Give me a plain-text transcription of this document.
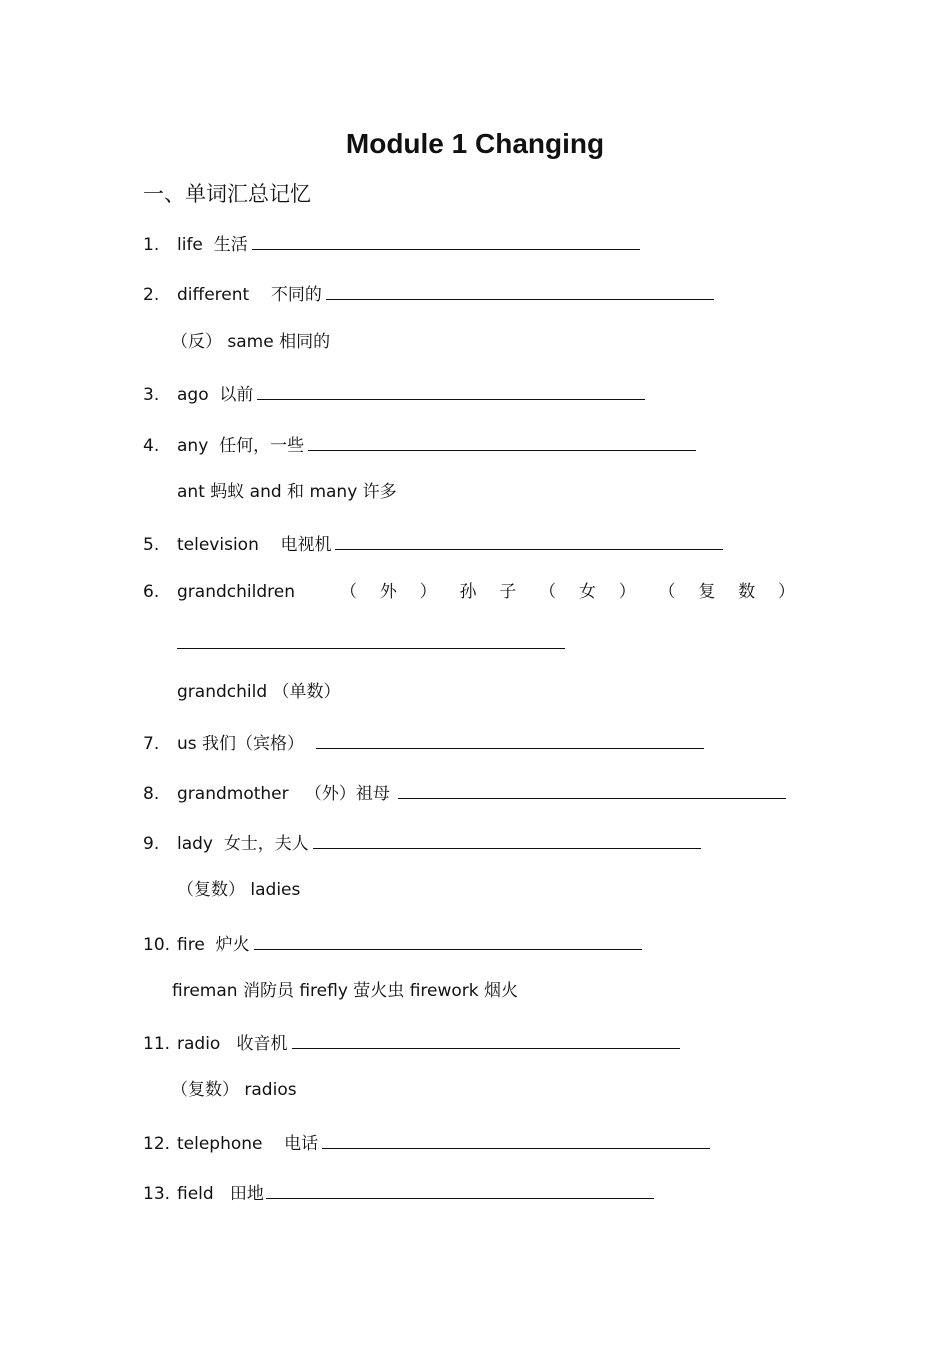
Module 1 Changing
一、单词汇总记忆
1. life 生活
2. different 不同的
（反） same 相同的
3. ago 以前
4. any 任何，一些
ant 蚂蚁 and 和 many 许多
5. television 电视机
6. grandchildren	（ 外 ） 孙 子 （ 女 ） （ 复 数 ）
grandchild （单数）
7. us 我们（宾格）
8. grandmother （外）祖母
9. lady 女士，夫人
（复数） ladies
10. fire 炉火
fireman 消防员 firefly 萤火虫 firework 烟火
11. radio 收音机
（复数） radios
12. telephone 电话
13. field 田地
